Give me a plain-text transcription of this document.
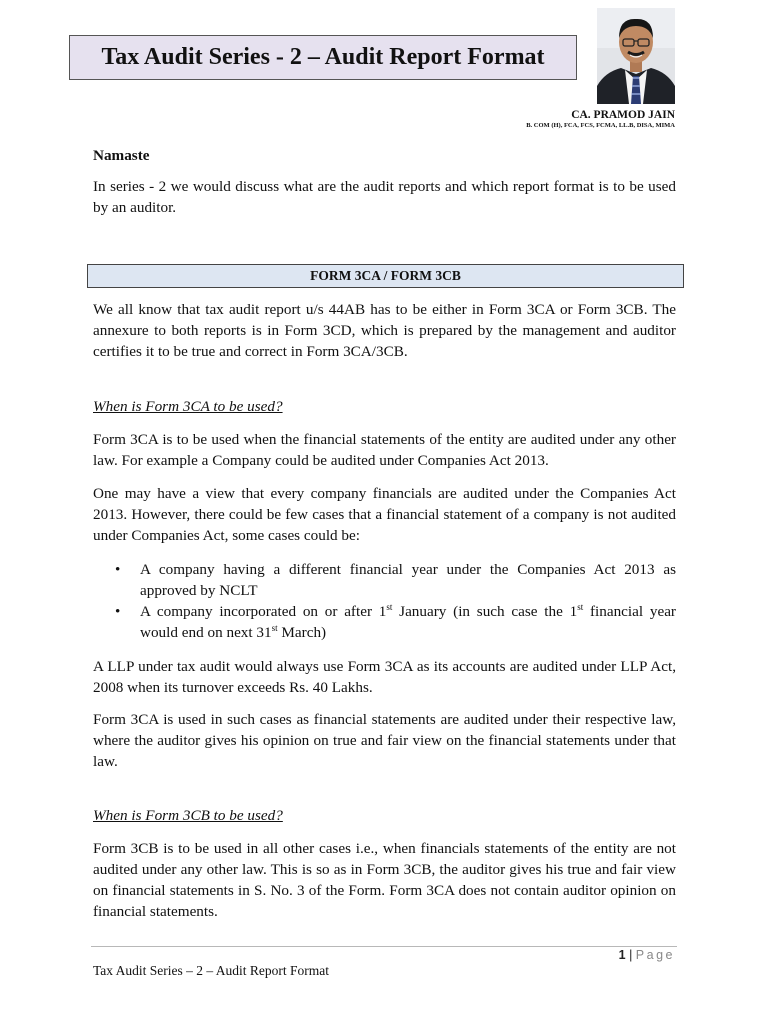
Tax Audit Series - 2 – Audit Report Format
CA. PRAMOD JAIN
B. COM (H), FCA, FCS, FCMA, LL.B, DISA, MIMA
Namaste
In series - 2 we would discuss what are the audit reports and which report format is to be used by an auditor.
FORM 3CA / FORM 3CB
We all know that tax audit report u/s 44AB has to be either in Form 3CA or Form 3CB. The annexure to both reports is in Form 3CD, which is prepared by the management and auditor certifies it to be true and correct in Form 3CA/3CB.
When is Form 3CA to be used?
Form 3CA is to be used when the financial statements of the entity are audited under any other law. For example a Company could be audited under Companies Act 2013.
One may have a view that every company financials are audited under the Companies Act 2013. However, there could be few cases that a financial statement of a company is not audited under Companies Act, some cases could be:
• A company having a different financial year under the Companies Act 2013 as approved by NCLT
• A company incorporated on or after 1st January (in such case the 1st financial year would end on next 31st March)
A LLP under tax audit would always use Form 3CA as its accounts are audited under LLP Act, 2008 when its turnover exceeds Rs. 40 Lakhs.
Form 3CA is used in such cases as financial statements are audited under their respective law, where the auditor gives his opinion on true and fair view on the financial statements under that law.
When is Form 3CB to be used?
Form 3CB is to be used in all other cases i.e., when financials statements of the entity are not audited under any other law. This is so as in Form 3CB, the auditor gives his true and fair view on financial statements in S. No. 3 of the Form. Form 3CA does not contain auditor opinion on financial statements.
1 | Page
Tax Audit Series – 2 – Audit Report Format
